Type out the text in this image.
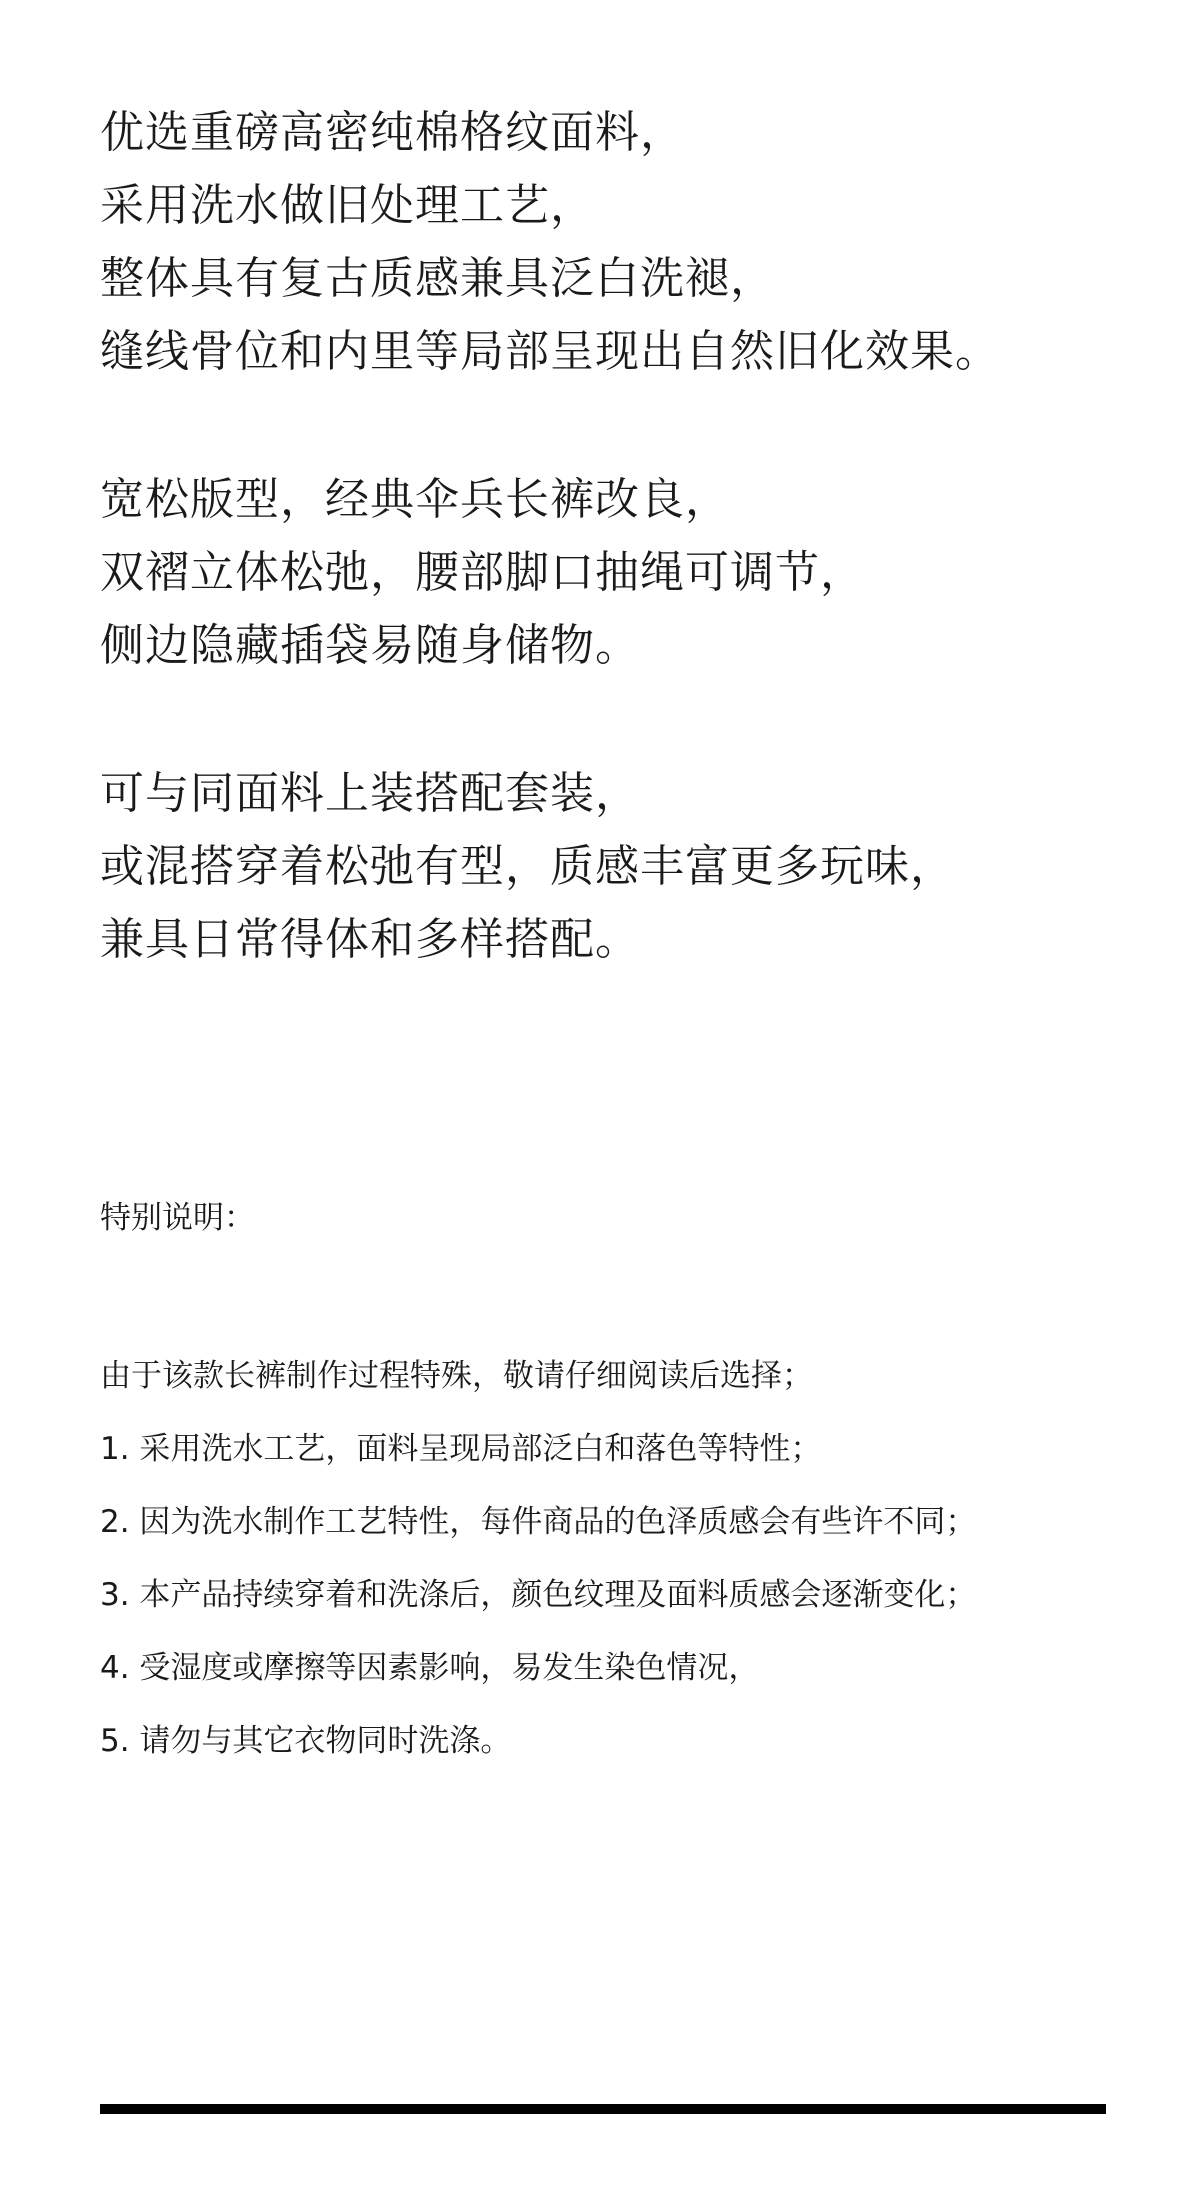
优选重磅高密纯棉格纹面料，
采用洗水做旧处理工艺，
整体具有复古质感兼具泛白洗褪，
缝线骨位和内里等局部呈现出自然旧化效果。
宽松版型，经典伞兵长裤改良，
双褶立体松弛，腰部脚口抽绳可调节，
侧边隐藏插袋易随身储物。
可与同面料上装搭配套装，
或混搭穿着松弛有型，质感丰富更多玩味，
兼具日常得体和多样搭配。
特别说明：
由于该款长裤制作过程特殊，敬请仔细阅读后选择；
1. 采用洗水工艺，面料呈现局部泛白和落色等特性；
2. 因为洗水制作工艺特性，每件商品的色泽质感会有些许不同；
3. 本产品持续穿着和洗涤后，颜色纹理及面料质感会逐渐变化；
4. 受湿度或摩擦等因素影响，易发生染色情况，
5. 请勿与其它衣物同时洗涤。
